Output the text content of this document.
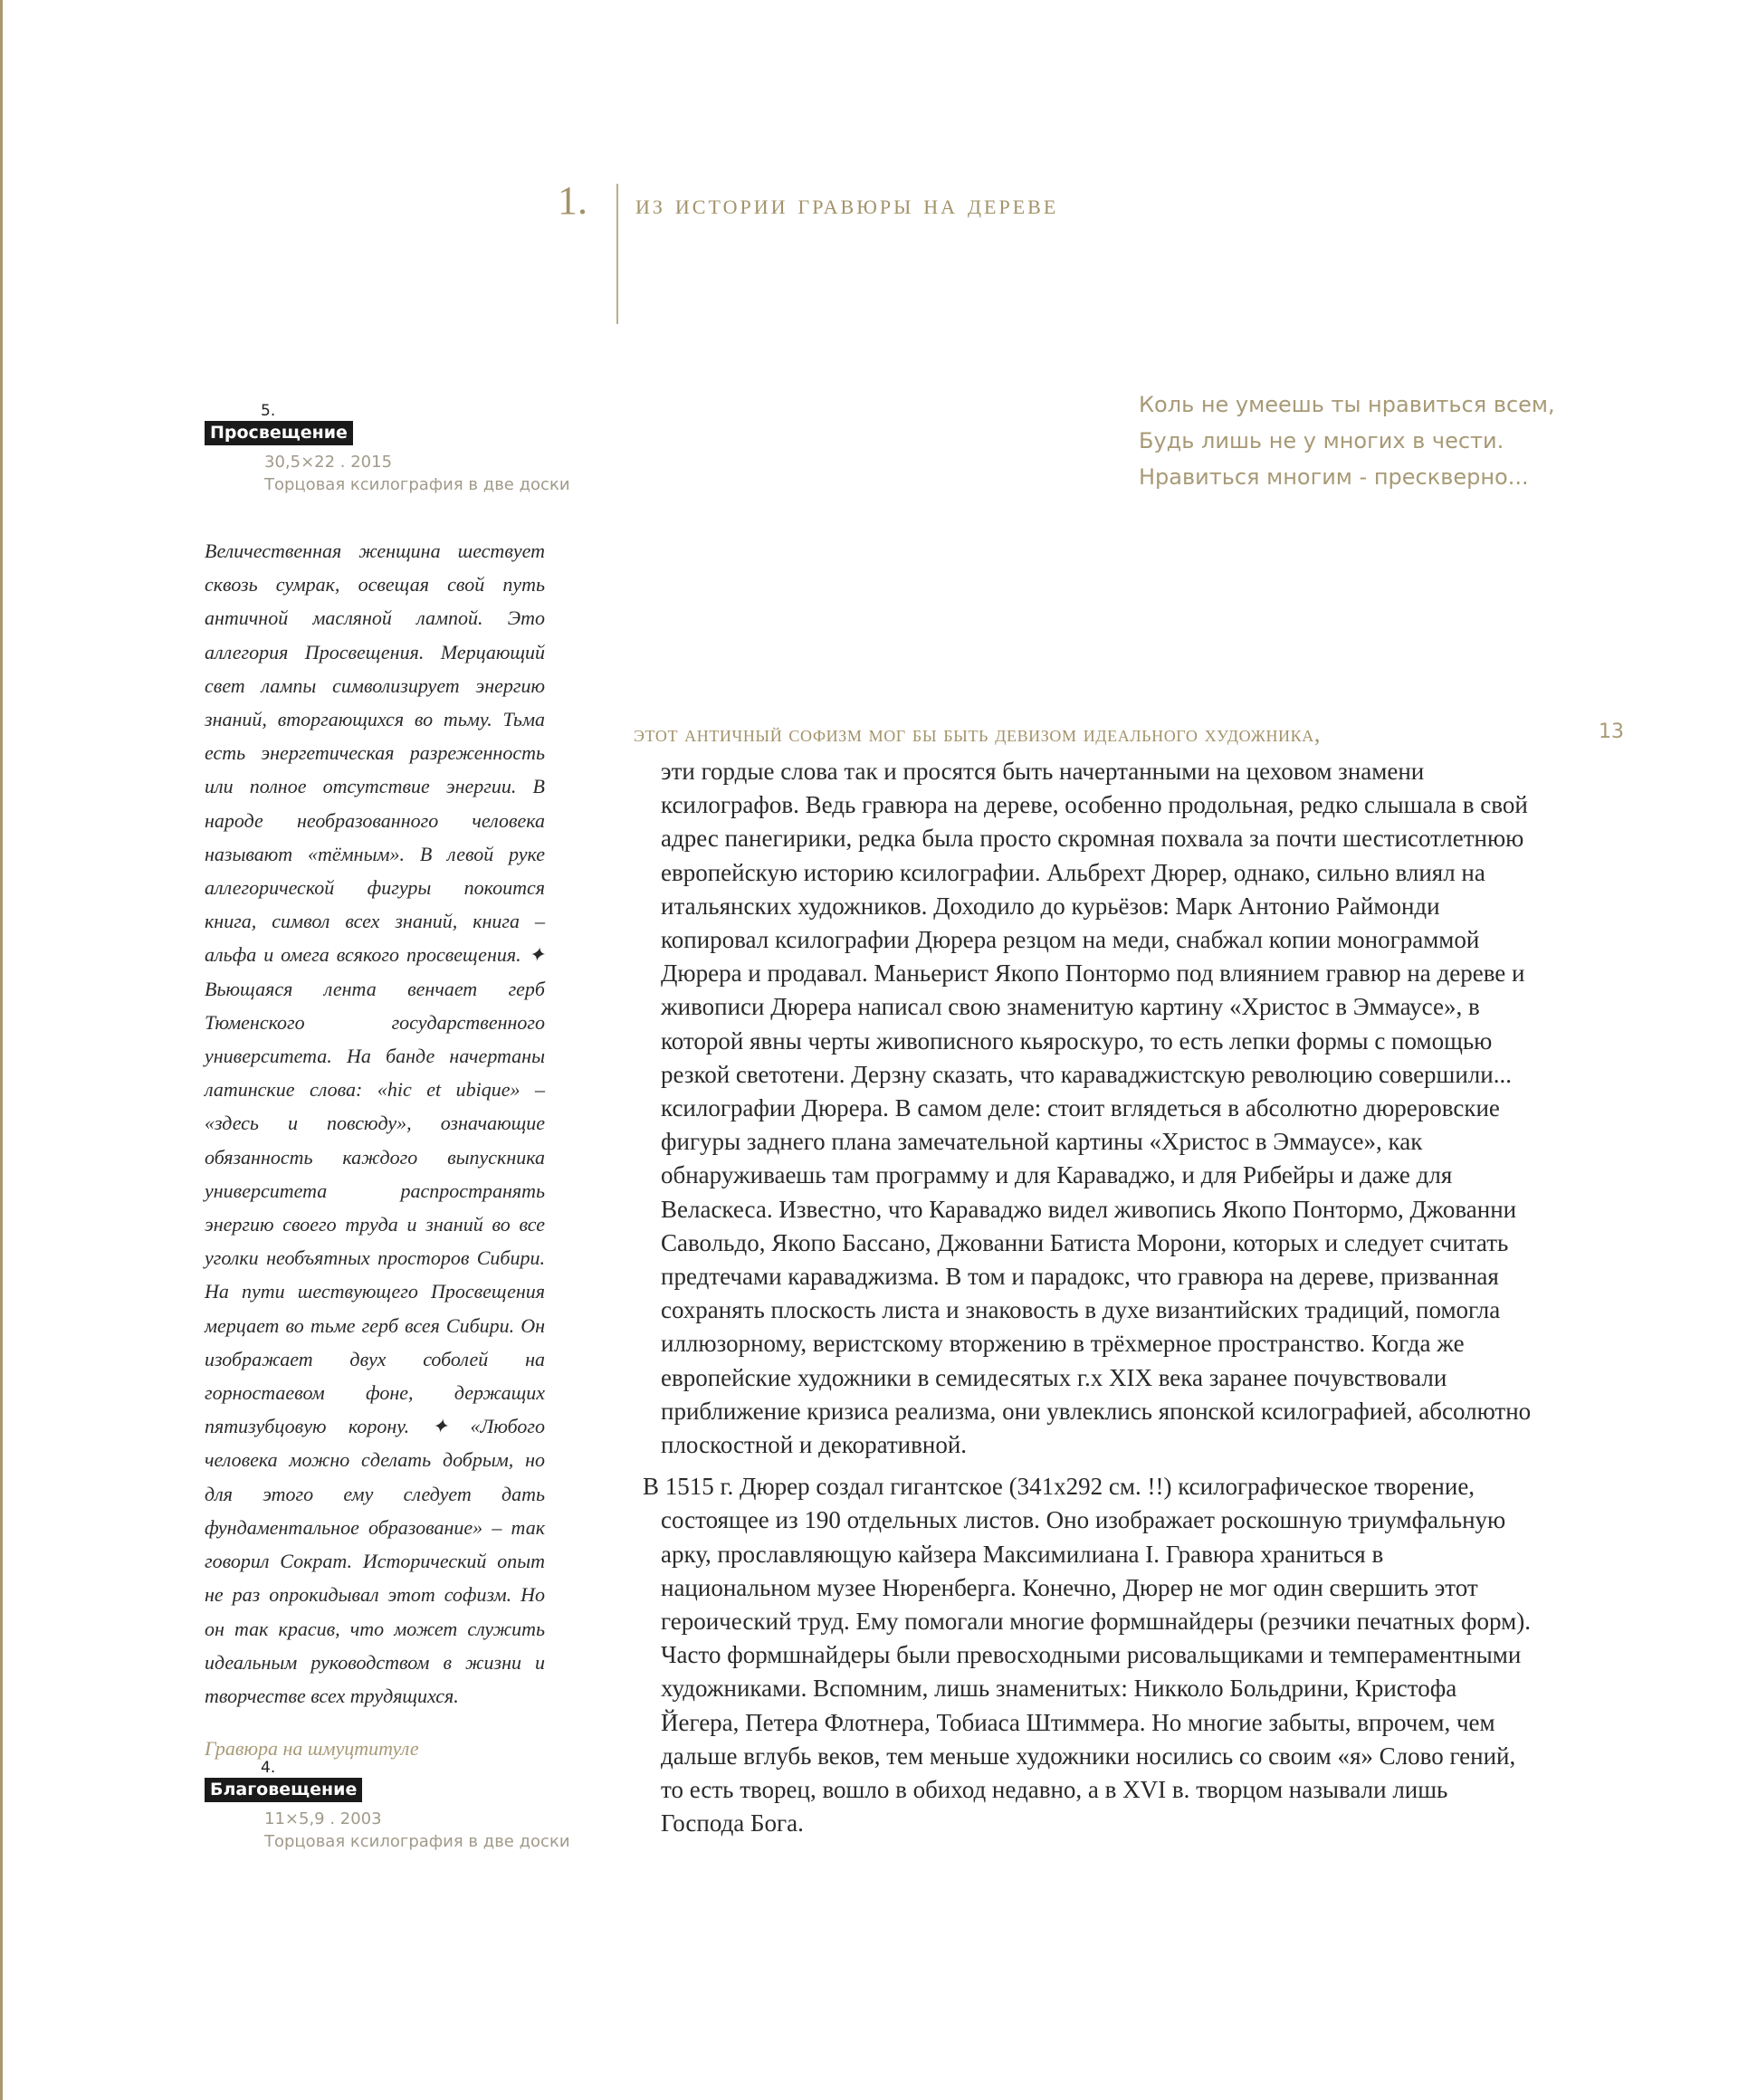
1. из истории гравюры на дереве
Коль не умеешь ты нравиться всем,
Будь лишь не у многих в чести.
Нравиться многим - прескверно...
5.
Просвещение
30,5×22 . 2015
Торцовая ксилография в две доски
Величественная женщина шествует сквозь сумрак, освещая свой путь античной масляной лампой. Это аллегория Просвещения. Мерцающий свет лампы символизирует энергию знаний, вторгающихся во тьму. Тьма есть энергетическая разреженность или полное отсутствие энергии. В народе необразованного человека называют «тёмным». В левой руке аллегорической фигуры покоится книга, символ всех знаний, книга – альфа и омега всякого просвещения. ✦ Вьющаяся лента венчает герб Тюменского государственного университета. На банде начертаны латинские слова: «hic et ubique» – «здесь и повсюду», означающие обязанность каждого выпускника университета распространять энергию своего труда и знаний во все уголки необъятных просторов Сибири. На пути шествующего Просвещения мерцает во тьме герб всея Сибири. Он изображает двух соболей на горностаевом фоне, держащих пятизубцовую корону. ✦ «Любого человека можно сделать добрым, но для этого ему следует дать фундаментальное образование» – так говорил Сократ. Исторический опыт не раз опрокидывал этот софизм. Но он так красив, что может служить идеальным руководством в жизни и творчестве всех трудящихся.
Гравюра на шмуцтитуле
4.
Благовещение
11×5,9 . 2003
Торцовая ксилография в две доски
этот античный софизм мог бы быть девизом идеального художника,	13

эти гордые слова так и просятся быть начертанными на цеховом знамени ксилографов. Ведь гравюра на дереве, особенно продольная, редко слышала в свой адрес панегирики, редка была просто скромная похвала за почти шестисотлетнюю европейскую историю ксилографии. Альбрехт Дюрер, однако, сильно влиял на итальянских художников. Доходило до курьёзов: Марк Антонио Раймонди копировал ксилографии Дюрера резцом на меди, снабжал копии монограммой Дюрера и продавал. Маньерист Якопо Понтормо под влиянием гравюр на дереве и живописи Дюрера написал свою знаменитую картину «Христос в Эммаусе», в которой явны черты живописного кьяроскуро, то есть лепки формы с помощью резкой светотени. Дерзну сказать, что караваджистскую революцию совершили... ксилографии Дюрера. В самом деле: стоит вглядеться в абсолютно дюреровские фигуры заднего плана замечательной картины «Христос в Эммаусе», как обнаруживаешь там программу и для Караваджо, и для Рибейры и даже для Веласкеса. Известно, что Караваджо видел живопись Якопо Понтормо, Джованни Савольдо, Якопо Бассано, Джованни Батиста Морони, которых и следует считать предтечами караваджизма. В том и парадокс, что гравюра на дереве, призванная сохранять плоскость листа и знаковость в духе византийских традиций, помогла иллюзорному, веристскому вторжению в трёхмерное пространство. Когда же европейские художники в семидесятых г.х XIX века заранее почувствовали приближение кризиса реализма, они увлеклись японской ксилографией, абсолютно плоскостной и декоративной.

В 1515 г. Дюрер создал гигантское (341x292 см. !!) ксилографическое творение, состоящее из 190 отдельных листов. Оно изображает роскошную триумфальную арку, прославляющую кайзера Максимилиана I. Гравюра храниться в национальном музее Нюренберга. Конечно, Дюрер не мог один свершить этот героический труд. Ему помогали многие формшнайдеры (резчики печатных форм). Часто формшнайдеры были превосходными рисовальщиками и темпераментными художниками. Вспомним, лишь знаменитых: Никколо Больдрини, Кристофа Йегера, Петера Флотнера, Тобиаса Штиммера. Но многие забыты, впрочем, чем дальше вглубь веков, тем меньше художники носились со своим «я» Слово гений, то есть творец, вошло в обиход недавно, а в XVI в. творцом называли лишь Господа Бога.
